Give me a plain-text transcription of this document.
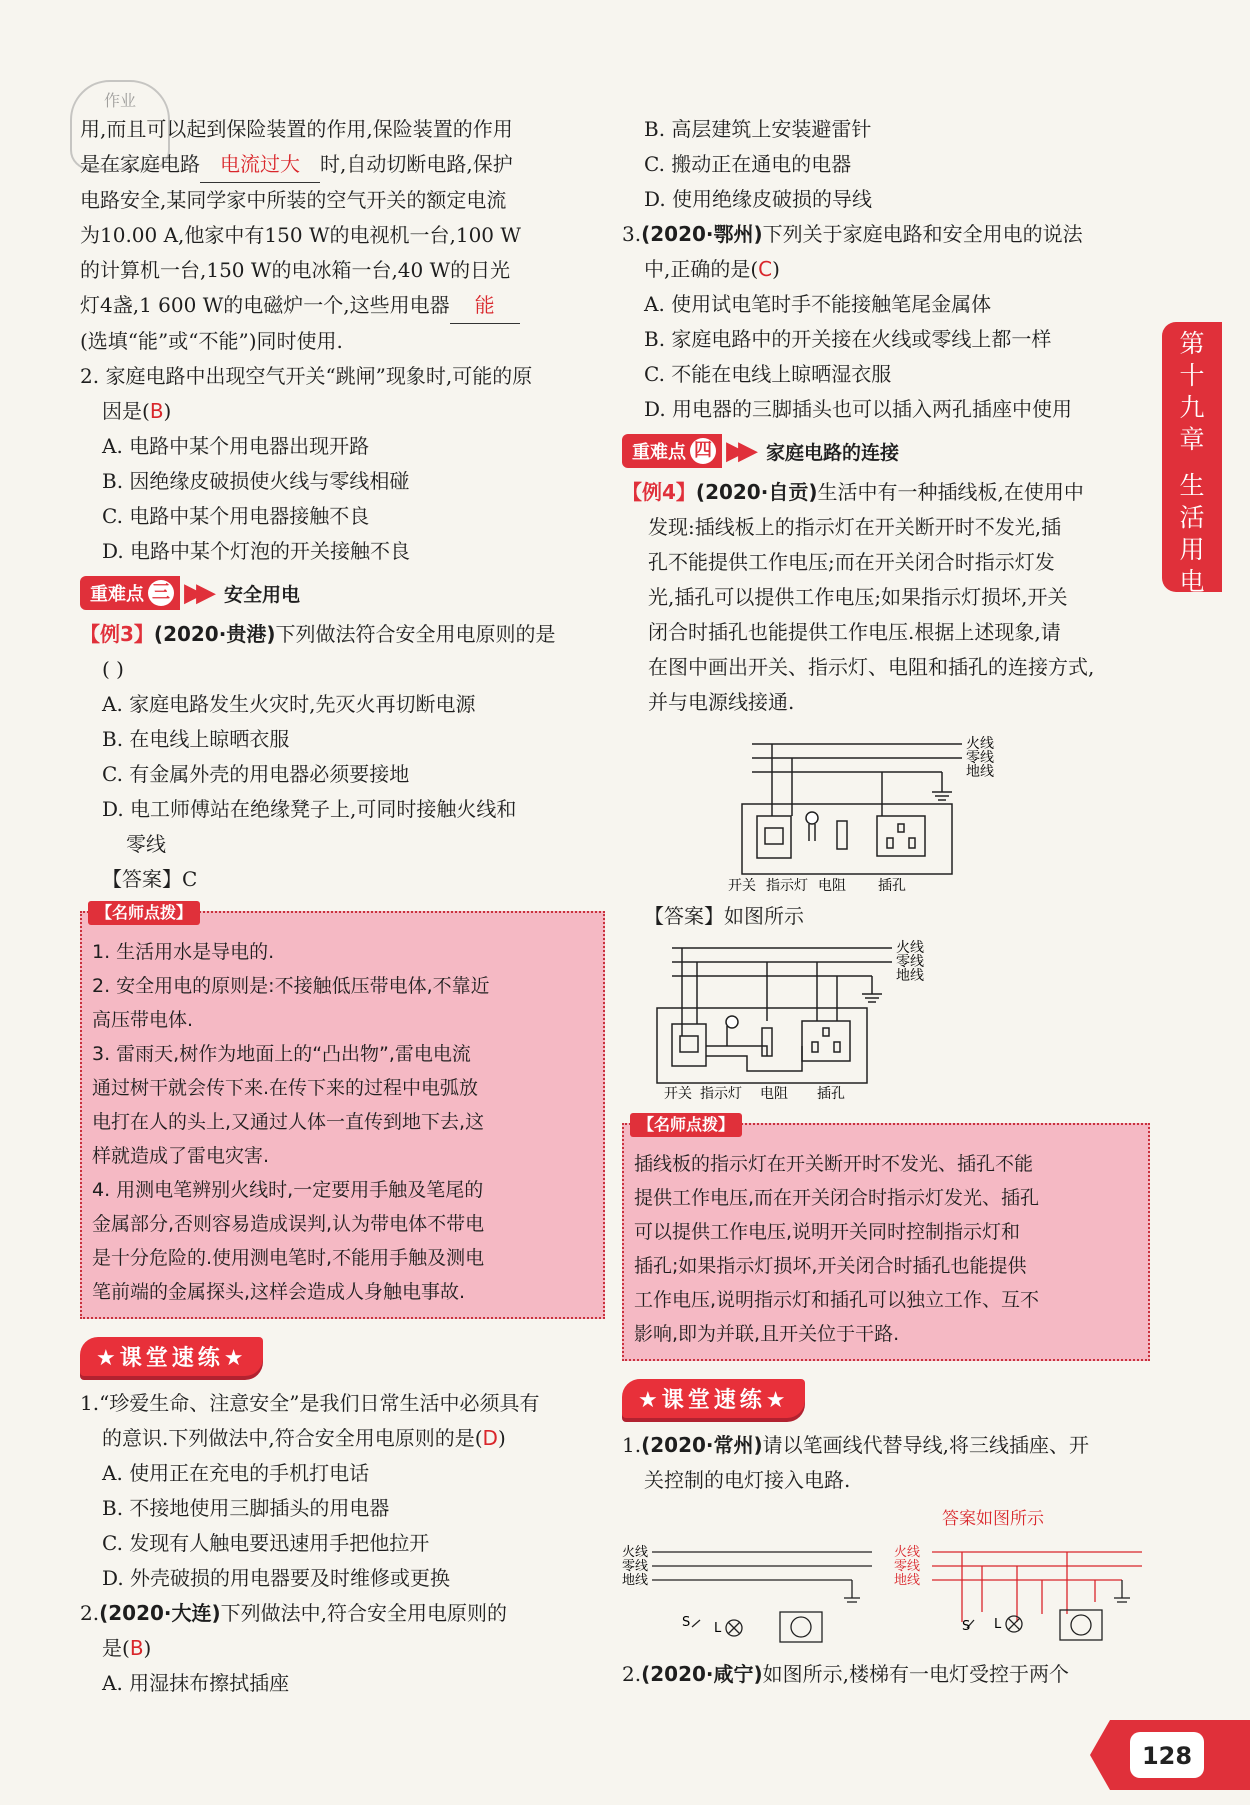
作业

用,而且可以起到保险装置的作用,保险装置的作用

是在家庭电路 电流过大 时,自动切断电路,保护

电路安全,某同学家中所装的空气开关的额定电流

为10.00 A,他家中有150 W的电视机一台,100 W

的计算机一台,150 W的电冰箱一台,40 W的日光

灯4盏,1 600 W的电磁炉一个,这些用电器 能

(选填“能”或“不能”)同时使用.

2. 家庭电路中出现空气开关“跳闸”现象时,可能的原

因是(B)

A. 电路中某个用电器出现开路

B. 因绝缘皮破损使火线与零线相碰

C. 电路中某个用电器接触不良

D. 电路中某个灯泡的开关接触不良

重难点 三 ▶▶ 安全用电

【例3】(2020·贵港)下列做法符合安全用电原则的是

( )

A. 家庭电路发生火灾时,先灭火再切断电源

B. 在电线上晾晒衣服

C. 有金属外壳的用电器必须要接地

D. 电工师傅站在绝缘凳子上,可同时接触火线和

零线

【答案】C

【名师点拨】

1. 生活用水是导电的.

2. 安全用电的原则是:不接触低压带电体,不靠近

高压带电体.

3. 雷雨天,树作为地面上的“凸出物”,雷电电流

通过树干就会传下来.在传下来的过程中电弧放

电打在人的头上,又通过人体一直传到地下去,这

样就造成了雷电灾害.

4. 用测电笔辨别火线时,一定要用手触及笔尾的

金属部分,否则容易造成误判,认为带电体不带电

是十分危险的.使用测电笔时,不能用手触及测电

笔前端的金属探头,这样会造成人身触电事故.

★课堂速练★

1.“珍爱生命、注意安全”是我们日常生活中必须具有

的意识.下列做法中,符合安全用电原则的是(D)

A. 使用正在充电的手机打电话

B. 不接地使用三脚插头的用电器

C. 发现有人触电要迅速用手把他拉开

D. 外壳破损的用电器要及时维修或更换

2.(2020·大连)下列做法中,符合安全用电原则的

是(B)

A. 用湿抹布擦拭插座

B. 高层建筑上安装避雷针

C. 搬动正在通电的电器

D. 使用绝缘皮破损的导线

3.(2020·鄂州)下列关于家庭电路和安全用电的说法

中,正确的是(C)

A. 使用试电笔时手不能接触笔尾金属体

B. 家庭电路中的开关接在火线或零线上都一样

C. 不能在电线上晾晒湿衣服

D. 用电器的三脚插头也可以插入两孔插座中使用

重难点 四 ▶▶ 家庭电路的连接

【例4】(2020·自贡)生活中有一种插线板,在使用中

发现:插线板上的指示灯在开关断开时不发光,插

孔不能提供工作电压;而在开关闭合时指示灯发

光,插孔可以提供工作电压;如果指示灯损坏,开关

闭合时插孔也能提供工作电压.根据上述现象,请

在图中画出开关、指示灯、电阻和插孔的连接方式,

并与电源线接通.

火线
零线
地线
开关 指示灯 电阻 插孔

【答案】如图所示

火线
零线
地线
开关 指示灯 电阻 插孔
【名师点拨】

插线板的指示灯在开关断开时不发光、插孔不能

提供工作电压,而在开关闭合时指示灯发光、插孔

可以提供工作电压,说明开关同时控制指示灯和

插孔;如果指示灯损坏,开关闭合时插孔也能提供

工作电压,说明指示灯和插孔可以独立工作、互不

影响,即为并联,且开关位于干路.

★课堂速练★

1.(2020·常州)请以笔画线代替导线,将三线插座、开

关控制的电灯接入电路.

答案如图所示
火线
零线
地线
S L
火线
零线
地线
S L

2.(2020·咸宁)如图所示,楼梯有一电灯受控于两个

第
十
九
章
生
活
用
电
128
